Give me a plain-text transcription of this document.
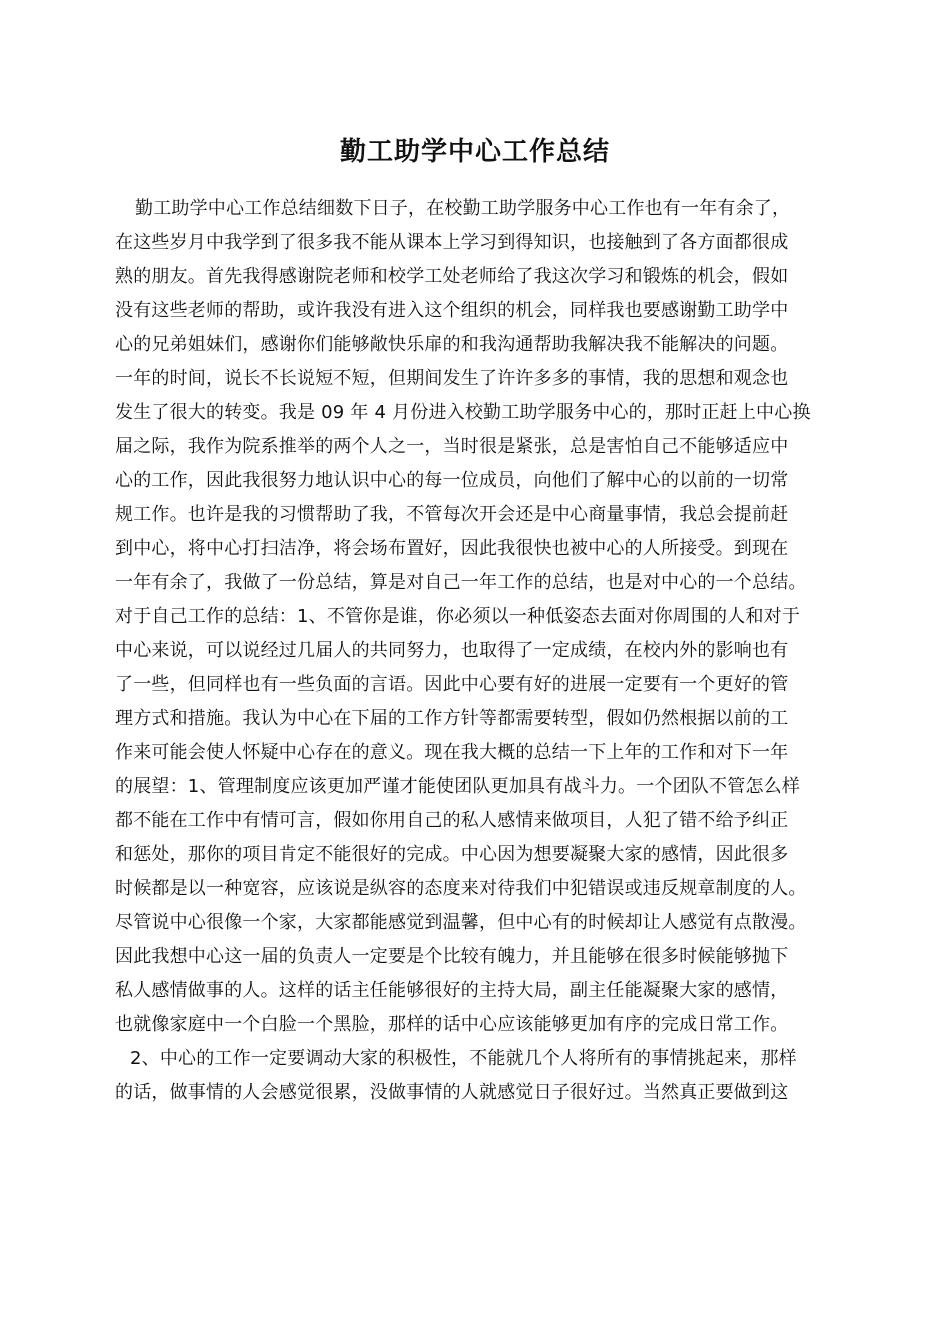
勤工助学中心工作总结
勤工助学中心工作总结细数下日子，在校勤工助学服务中心工作也有一年有余了，
在这些岁月中我学到了很多我不能从课本上学习到得知识，也接触到了各方面都很成
熟的朋友。首先我得感谢院老师和校学工处老师给了我这次学习和锻炼的机会，假如
没有这些老师的帮助，或许我没有进入这个组织的机会，同样我也要感谢勤工助学中
心的兄弟姐妹们，感谢你们能够敞快乐扉的和我沟通帮助我解决我不能解决的问题。
一年的时间，说长不长说短不短，但期间发生了许许多多的事情，我的思想和观念也
发生了很大的转变。我是 09 年 4 月份进入校勤工助学服务中心的，那时正赶上中心换
届之际，我作为院系推举的两个人之一，当时很是紧张，总是害怕自己不能够适应中
心的工作，因此我很努力地认识中心的每一位成员，向他们了解中心的以前的一切常
规工作。也许是我的习惯帮助了我，不管每次开会还是中心商量事情，我总会提前赶
到中心，将中心打扫洁净，将会场布置好，因此我很快也被中心的人所接受。到现在
一年有余了，我做了一份总结，算是对自己一年工作的总结，也是对中心的一个总结。
对于自己工作的总结：1、不管你是谁，你必须以一种低姿态去面对你周围的人和对于
中心来说，可以说经过几届人的共同努力，也取得了一定成绩，在校内外的影响也有
了一些，但同样也有一些负面的言语。因此中心要有好的进展一定要有一个更好的管
理方式和措施。我认为中心在下届的工作方针等都需要转型，假如仍然根据以前的工
作来可能会使人怀疑中心存在的意义。现在我大概的总结一下上年的工作和对下一年
的展望：1、管理制度应该更加严谨才能使团队更加具有战斗力。一个团队不管怎么样
都不能在工作中有情可言，假如你用自己的私人感情来做项目，人犯了错不给予纠正
和惩处，那你的项目肯定不能很好的完成。中心因为想要凝聚大家的感情，因此很多
时候都是以一种宽容，应该说是纵容的态度来对待我们中犯错误或违反规章制度的人。
尽管说中心很像一个家，大家都能感觉到温馨，但中心有的时候却让人感觉有点散漫。
因此我想中心这一届的负责人一定要是个比较有魄力，并且能够在很多时候能够抛下
私人感情做事的人。这样的话主任能够很好的主持大局，副主任能凝聚大家的感情，
也就像家庭中一个白脸一个黑脸，那样的话中心应该能够更加有序的完成日常工作。
2、中心的工作一定要调动大家的积极性，不能就几个人将所有的事情挑起来，那样
的话，做事情的人会感觉很累，没做事情的人就感觉日子很好过。当然真正要做到这
